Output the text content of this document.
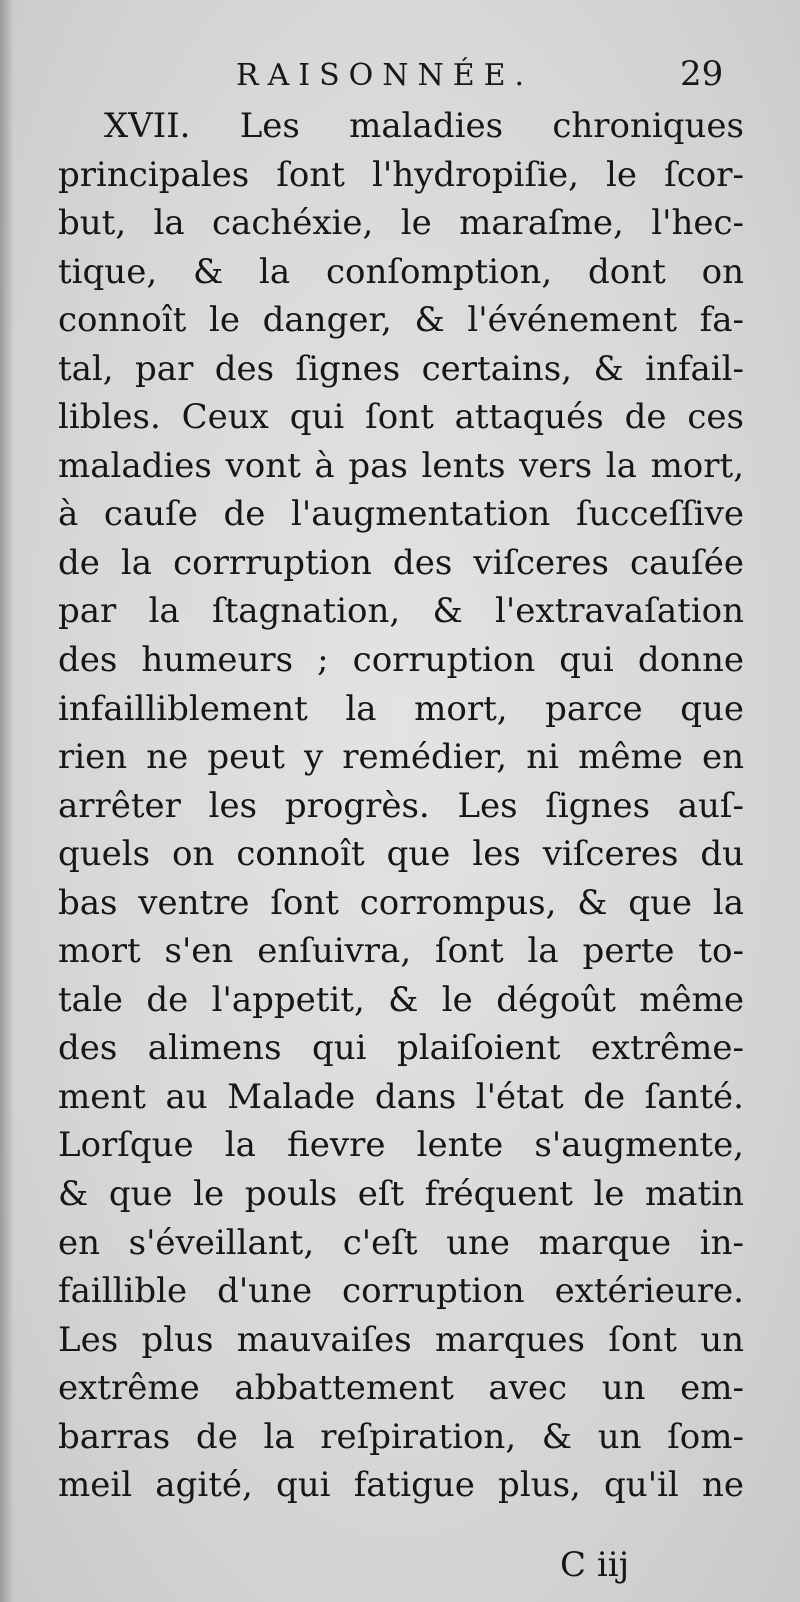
RAISONNÉE.	29
XVII. Les maladies chroniques
principales ſont l'hydropiſie, le ſcor-
but, la cachéxie, le maraſme, l'hec-
tique, & la conſomption, dont on
connoît le danger, & l'événement fa-
tal, par des ſignes certains, & infail-
libles. Ceux qui ſont attaqués de ces
maladies vont à pas lents vers la mort,
à cauſe de l'augmentation ſucceſſive
de la corrruption des viſceres cauſée
par la ſtagnation, & l'extravaſation
des humeurs ; corruption qui donne
infailliblement la mort, parce que
rien ne peut y remédier, ni même en
arrêter les progrès. Les ſignes auſ-
quels on connoît que les viſceres du
bas ventre ſont corrompus, & que la
mort s'en enſuivra, ſont la perte to-
tale de l'appetit, & le dégoût même
des alimens qui plaiſoient extrême-
ment au Malade dans l'état de ſanté.
Lorſque la fievre lente s'augmente,
& que le pouls eſt fréquent le matin
en s'éveillant, c'eſt une marque in-
faillible d'une corruption extérieure.
Les plus mauvaiſes marques ſont un
extrême abbattement avec un em-
barras de la reſpiration, & un ſom-
meil agité, qui fatigue plus, qu'il ne
C iij
